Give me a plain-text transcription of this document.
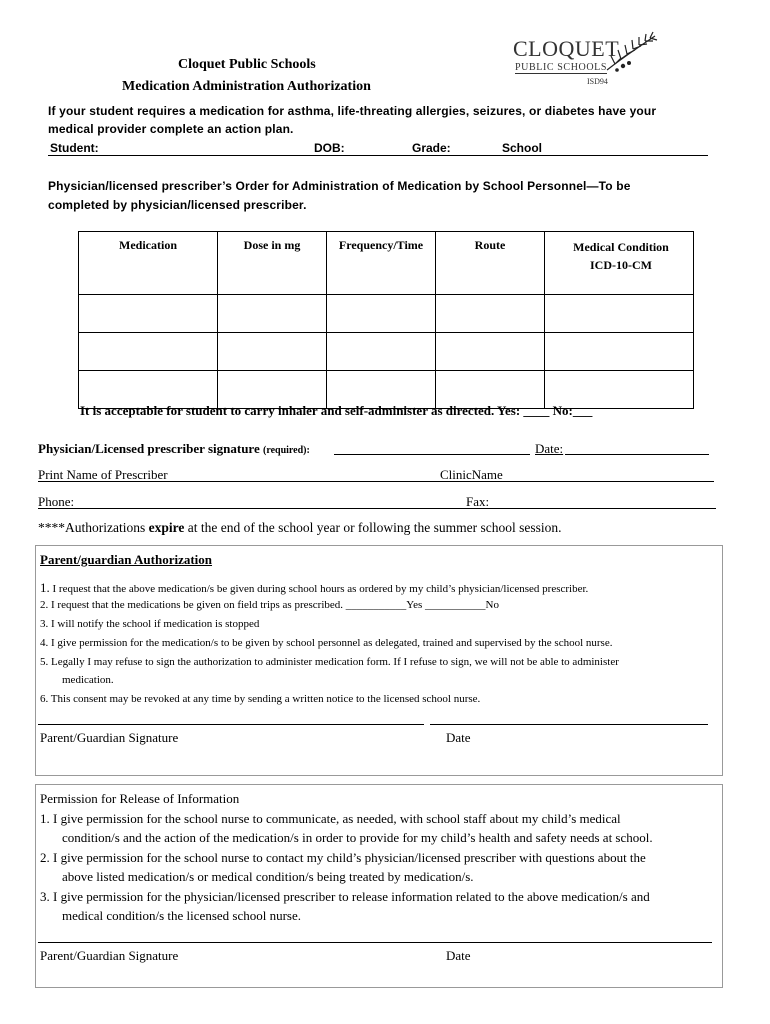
Cloquet Public Schools
Medication Administration Authorization
CLOQUET
PUBLIC SCHOOLS
ISD94
If your student requires a medication for asthma, life-threating allergies, seizures, or diabetes have your
medical provider complete an action plan.
Student:	DOB:	Grade:	School
Physician/licensed prescriber’s Order for Administration of Medication by School Personnel—To be
completed by physician/licensed prescriber.
Medication	Dose in mg	Frequency/Time	Route	Medical Condition
ICD-10-CM

It is acceptable for student to carry inhaler and self-administer as directed. Yes: ____ No:___
Physician/Licensed prescriber signature (required):	Date:
Print Name of Prescriber	ClinicName
Phone:	Fax:
****Authorizations expire at the end of the school year or following the summer school session.
Parent/guardian Authorization
1. I request that the above medication/s be given during school hours as ordered by my child’s physician/licensed prescriber.
2. I request that the medications be given on field trips as prescribed. ___________Yes ___________No
3. I will notify the school if medication is stopped
4. I give permission for the medication/s to be given by school personnel as delegated, trained and supervised by the school nurse.
5. Legally I may refuse to sign the authorization to administer medication form. If I refuse to sign, we will not be able to administer
medication.
6. This consent may be revoked at any time by sending a written notice to the licensed school nurse.
Parent/Guardian Signature	Date
Permission for Release of Information
1. I give permission for the school nurse to communicate, as needed, with school staff about my child’s medical
condition/s and the action of the medication/s in order to provide for my child’s health and safety needs at school.
2. I give permission for the school nurse to contact my child’s physician/licensed prescriber with questions about the
above listed medication/s or medical condition/s being treated by medication/s.
3. I give permission for the physician/licensed prescriber to release information related to the above medication/s and
medical condition/s the licensed school nurse.
Parent/Guardian Signature	Date
